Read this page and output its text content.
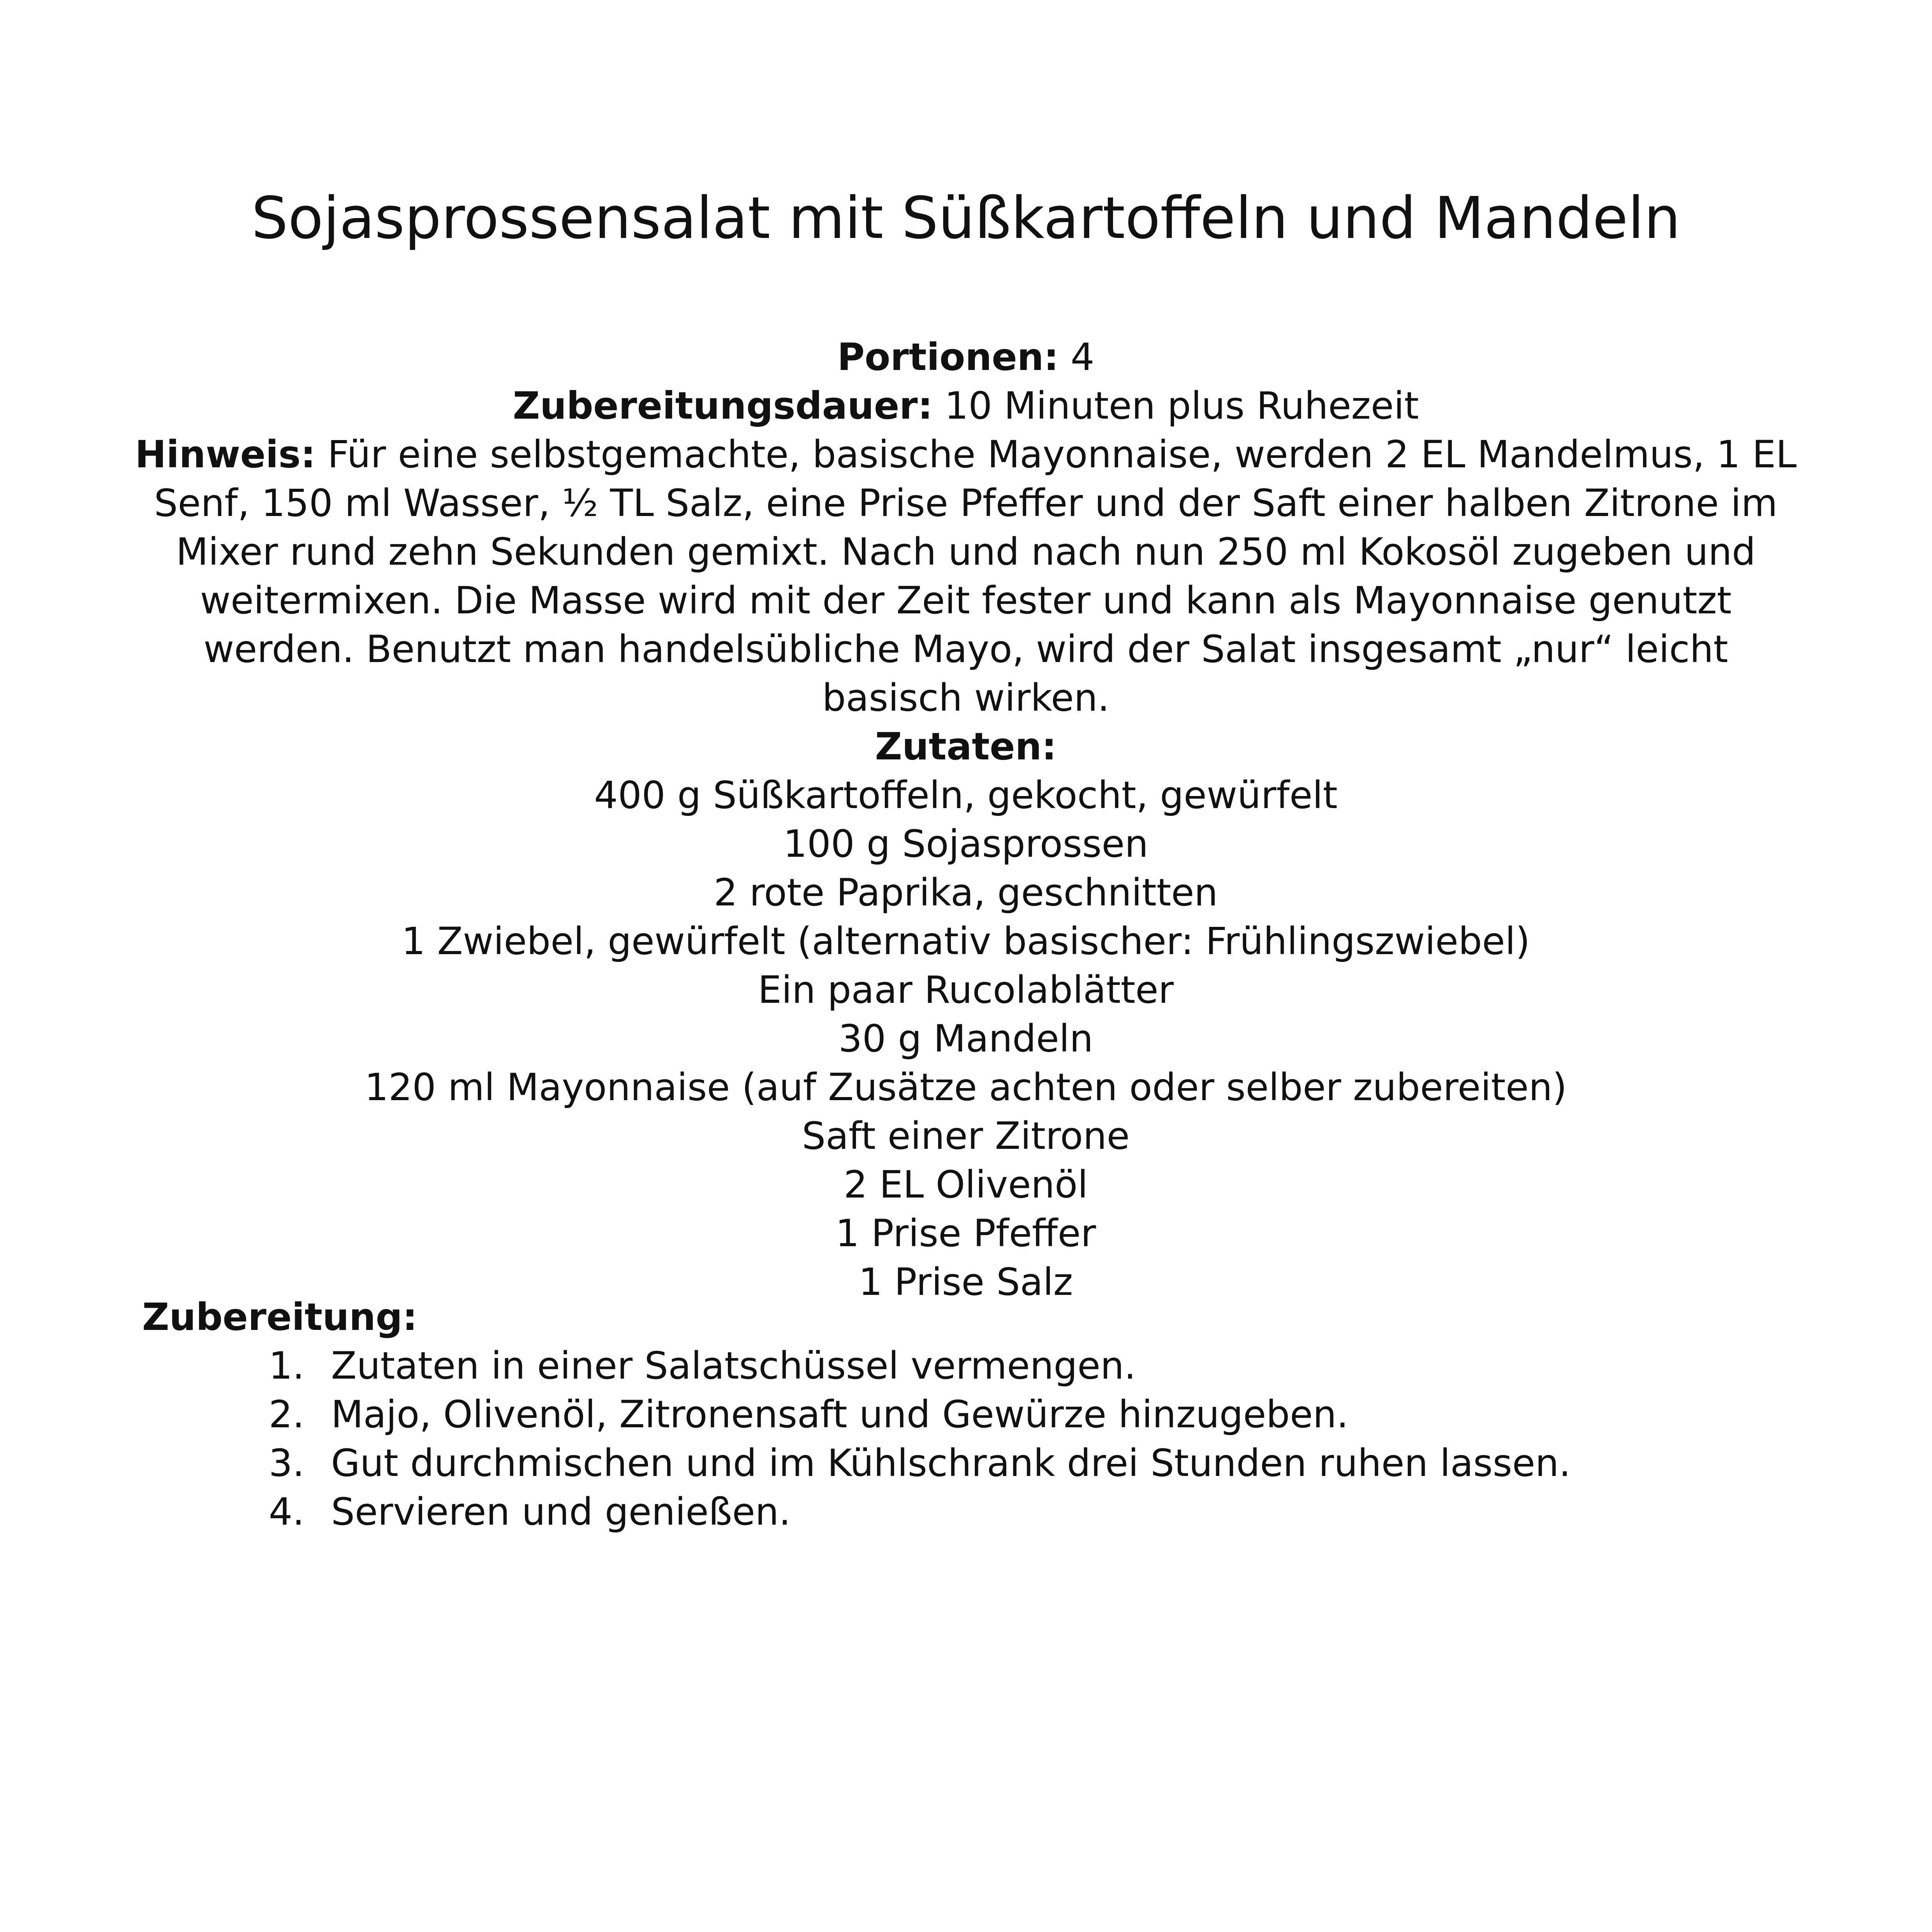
Sojasprossensalat mit Süßkartoffeln und Mandeln

Portionen: 4

Zubereitungsdauer: 10 Minuten plus Ruhezeit

Hinweis: Für eine selbstgemachte, basische Mayonnaise, werden 2 EL Mandelmus, 1 EL Senf, 150 ml Wasser, ½ TL Salz, eine Prise Pfeffer und der Saft einer halben Zitrone im Mixer rund zehn Sekunden gemixt. Nach und nach nun 250 ml Kokosöl zugeben und weitermixen. Die Masse wird mit der Zeit fester und kann als Mayonnaise genutzt werden. Benutzt man handelsübliche Mayo, wird der Salat insgesamt „nur“ leicht basisch wirken.

Zutaten:

400 g Süßkartoffeln, gekocht, gewürfelt
100 g Sojasprossen
2 rote Paprika, geschnitten
1 Zwiebel, gewürfelt (alternativ basischer: Frühlingszwiebel)
Ein paar Rucolablätter
30 g Mandeln
120 ml Mayonnaise (auf Zusätze achten oder selber zubereiten)
Saft einer Zitrone
2 EL Olivenöl
1 Prise Pfeffer
1 Prise Salz

Zubereitung:

1. Zutaten in einer Salatschüssel vermengen.
2. Majo, Olivenöl, Zitronensaft und Gewürze hinzugeben.
3. Gut durchmischen und im Kühlschrank drei Stunden ruhen lassen.
4. Servieren und genießen.
